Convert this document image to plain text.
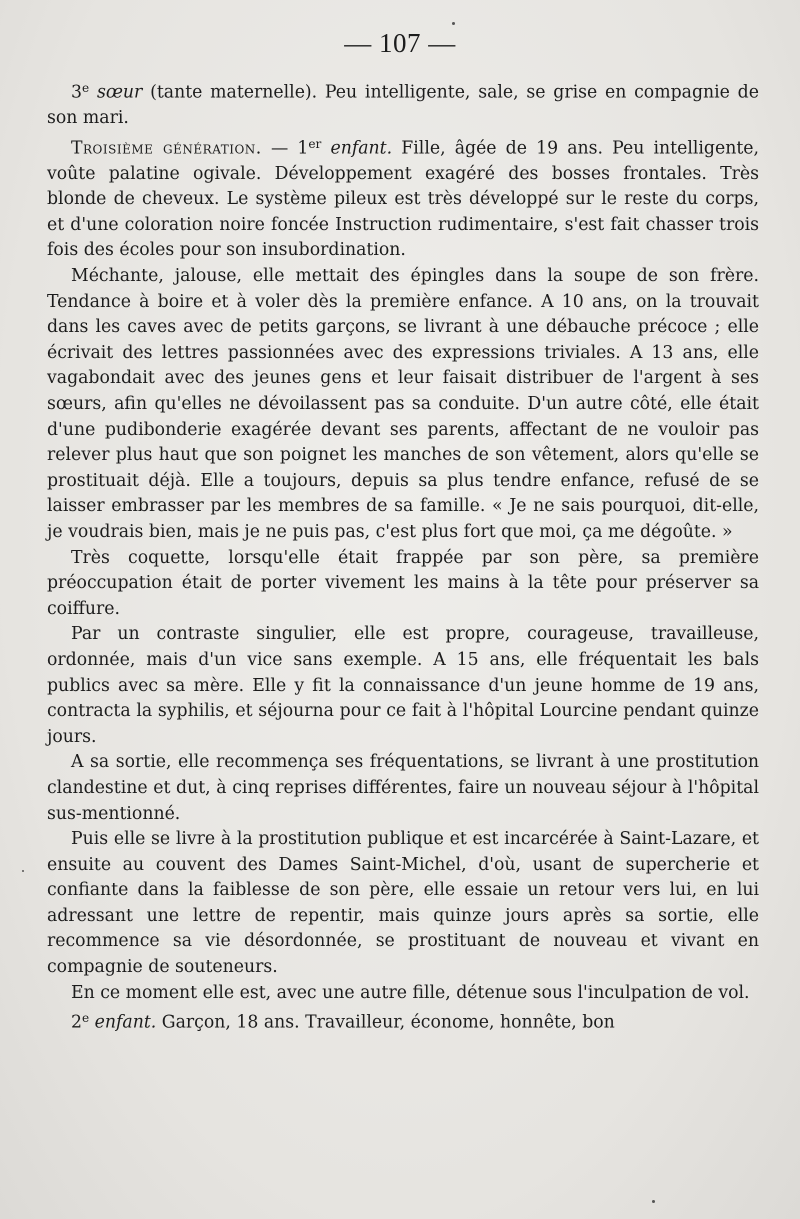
— 107 —

3e sœur (tante maternelle). Peu intelligente, sale, se grise en compagnie de son mari.

Troisième génération. — 1er enfant. Fille, âgée de 19 ans. Peu intelligente, voûte palatine ogivale. Développement exagéré des bosses frontales. Très blonde de cheveux. Le système pileux est très développé sur le reste du corps, et d'une coloration noire foncée Instruction rudimentaire, s'est fait chasser trois fois des écoles pour son insubordination.

Méchante, jalouse, elle mettait des épingles dans la soupe de son frère. Tendance à boire et à voler dès la première enfance. A 10 ans, on la trouvait dans les caves avec de petits garçons, se livrant à une débauche précoce ; elle écrivait des lettres passionnées avec des expressions triviales. A 13 ans, elle vagabondait avec des jeunes gens et leur faisait distribuer de l'argent à ses sœurs, afin qu'elles ne dévoilassent pas sa conduite. D'un autre côté, elle était d'une pudibonderie exagérée devant ses parents, affectant de ne vouloir pas relever plus haut que son poignet les manches de son vêtement, alors qu'elle se prostituait déjà. Elle a toujours, depuis sa plus tendre enfance, refusé de se laisser embrasser par les membres de sa famille. « Je ne sais pourquoi, dit-elle, je voudrais bien, mais je ne puis pas, c'est plus fort que moi, ça me dégoûte. »

Très coquette, lorsqu'elle était frappée par son père, sa première préoccupation était de porter vivement les mains à la tête pour préserver sa coiffure.

Par un contraste singulier, elle est propre, courageuse, travailleuse, ordonnée, mais d'un vice sans exemple. A 15 ans, elle fréquentait les bals publics avec sa mère. Elle y fit la connaissance d'un jeune homme de 19 ans, contracta la syphilis, et séjourna pour ce fait à l'hôpital Lourcine pendant quinze jours.

A sa sortie, elle recommença ses fréquentations, se livrant à une prostitution clandestine et dut, à cinq reprises différentes, faire un nouveau séjour à l'hôpital sus-mentionné.

Puis elle se livre à la prostitution publique et est incarcérée à Saint-Lazare, et ensuite au couvent des Dames Saint-Michel, d'où, usant de supercherie et confiante dans la faiblesse de son père, elle essaie un retour vers lui, en lui adressant une lettre de repentir, mais quinze jours après sa sortie, elle recommence sa vie désordonnée, se prostituant de nouveau et vivant en compagnie de souteneurs.

En ce moment elle est, avec une autre fille, détenue sous l'inculpation de vol.

2e enfant. Garçon, 18 ans. Travailleur, économe, honnête, bon
